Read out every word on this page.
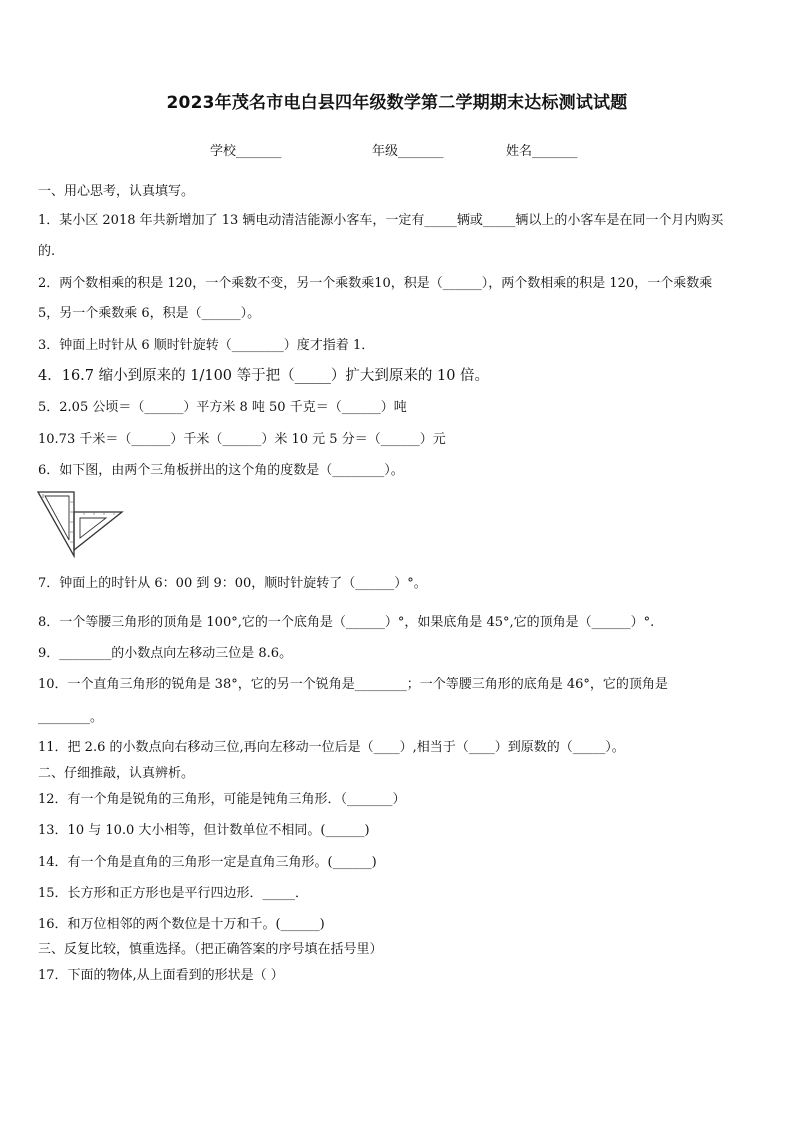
2023年茂名市电白县四年级数学第二学期期末达标测试试题
学校_______	年级_______	姓名_______
一、用心思考，认真填写。
1．某小区 2018 年共新增加了 13 辆电动清洁能源小客车，一定有_____辆或_____辆以上的小客车是在同一个月内购买
的.
2．两个数相乘的积是 120，一个乘数不变，另一个乘数乘10，积是（______），两个数相乘的积是 120，一个乘数乘
5，另一个乘数乘 6，积是（______）。
3．钟面上时针从 6 顺时针旋转（________）度才指着 1．
4．16.7 缩小到原来的 1/100 等于把（_____）扩大到原来的 10 倍。
5．2.05 公顷＝（______）平方米 8 吨 50 千克＝（______）吨
10.73 千米＝（______）千米（______）米 10 元 5 分＝（______）元
6．如下图，由两个三角板拼出的这个角的度数是（________）。
7．钟面上的时针从 6：00 到 9：00，顺时针旋转了（______）°。
8．一个等腰三角形的顶角是 100°,它的一个底角是（______）°，如果底角是 45°,它的顶角是（______）°.
9．________的小数点向左移动三位是 8.6。
10．一个直角三角形的锐角是 38°，它的另一个锐角是________；一个等腰三角形的底角是 46°，它的顶角是
________。
11．把 2.6 的小数点向右移动三位,再向左移动一位后是（____）,相当于（____）到原数的（_____）。
二、仔细推敲，认真辨析。
12．有一个角是锐角的三角形，可能是钝角三角形．（_______）
13．10 与 10.0 大小相等，但计数单位不相同。(______)
14．有一个角是直角的三角形一定是直角三角形。(______)
15．长方形和正方形也是平行四边形．_____．
16．和万位相邻的两个数位是十万和千。(______)
三、反复比较，慎重选择。（把正确答案的序号填在括号里）
17．下面的物体,从上面看到的形状是（ ）
